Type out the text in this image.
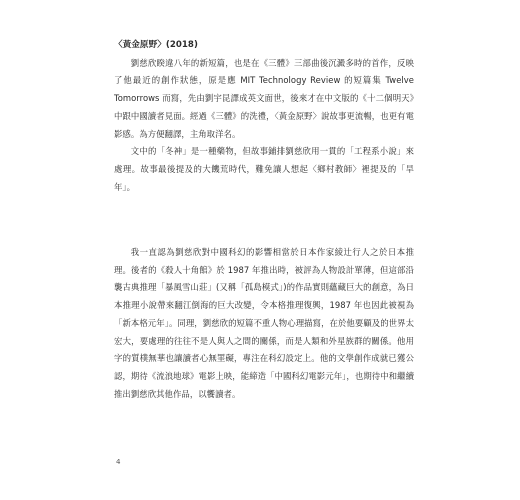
〈黃金原野〉(2018)

劉慈欣睽違八年的新短篇，也是在《三體》三部曲後沉澱多時的首作，反映了他最近的創作狀態，原是應 MIT Technology Review 的短篇集 Twelve Tomorrows 而寫，先由劉宇昆譯成英文面世，後來才在中文版的《十二個明天》中跟中國讀者見面。經過《三體》的洗禮，〈黃金原野〉說故事更流暢，也更有電影感。為方便翻譯，主角取洋名。

文中的「冬神」是一種藥物，但故事鋪排劉慈欣用一貫的「工程系小說」來處理。故事最後提及的大饑荒時代，難免讓人想起〈鄉村教師〉裡提及的「旱年」。

我一直認為劉慈欣對中國科幻的影響相當於日本作家綾辻行人之於日本推理。後者的《殺人十角館》於 1987 年推出時，被評為人物設計單薄，但這部沿襲古典推理「暴風雪山莊」(又稱「孤島模式」)的作品實則蘊藏巨大的創意，為日本推理小說帶來翻江倒海的巨大改變，令本格推理復興，1987 年也因此被視為「新本格元年」。同理，劉慈欣的短篇不重人物心理描寫，在於他要顧及的世界太宏大，要處理的往往不是人與人之間的關係，而是人類和外星族群的關係。他用字的質樸無華也讓讀者心無罣礙，專注在科幻設定上。他的文學創作成就已獲公認，期待《流浪地球》電影上映，能締造「中國科幻電影元年」，也期待中和繼續推出劉慈欣其他作品，以饗讀者。

4
